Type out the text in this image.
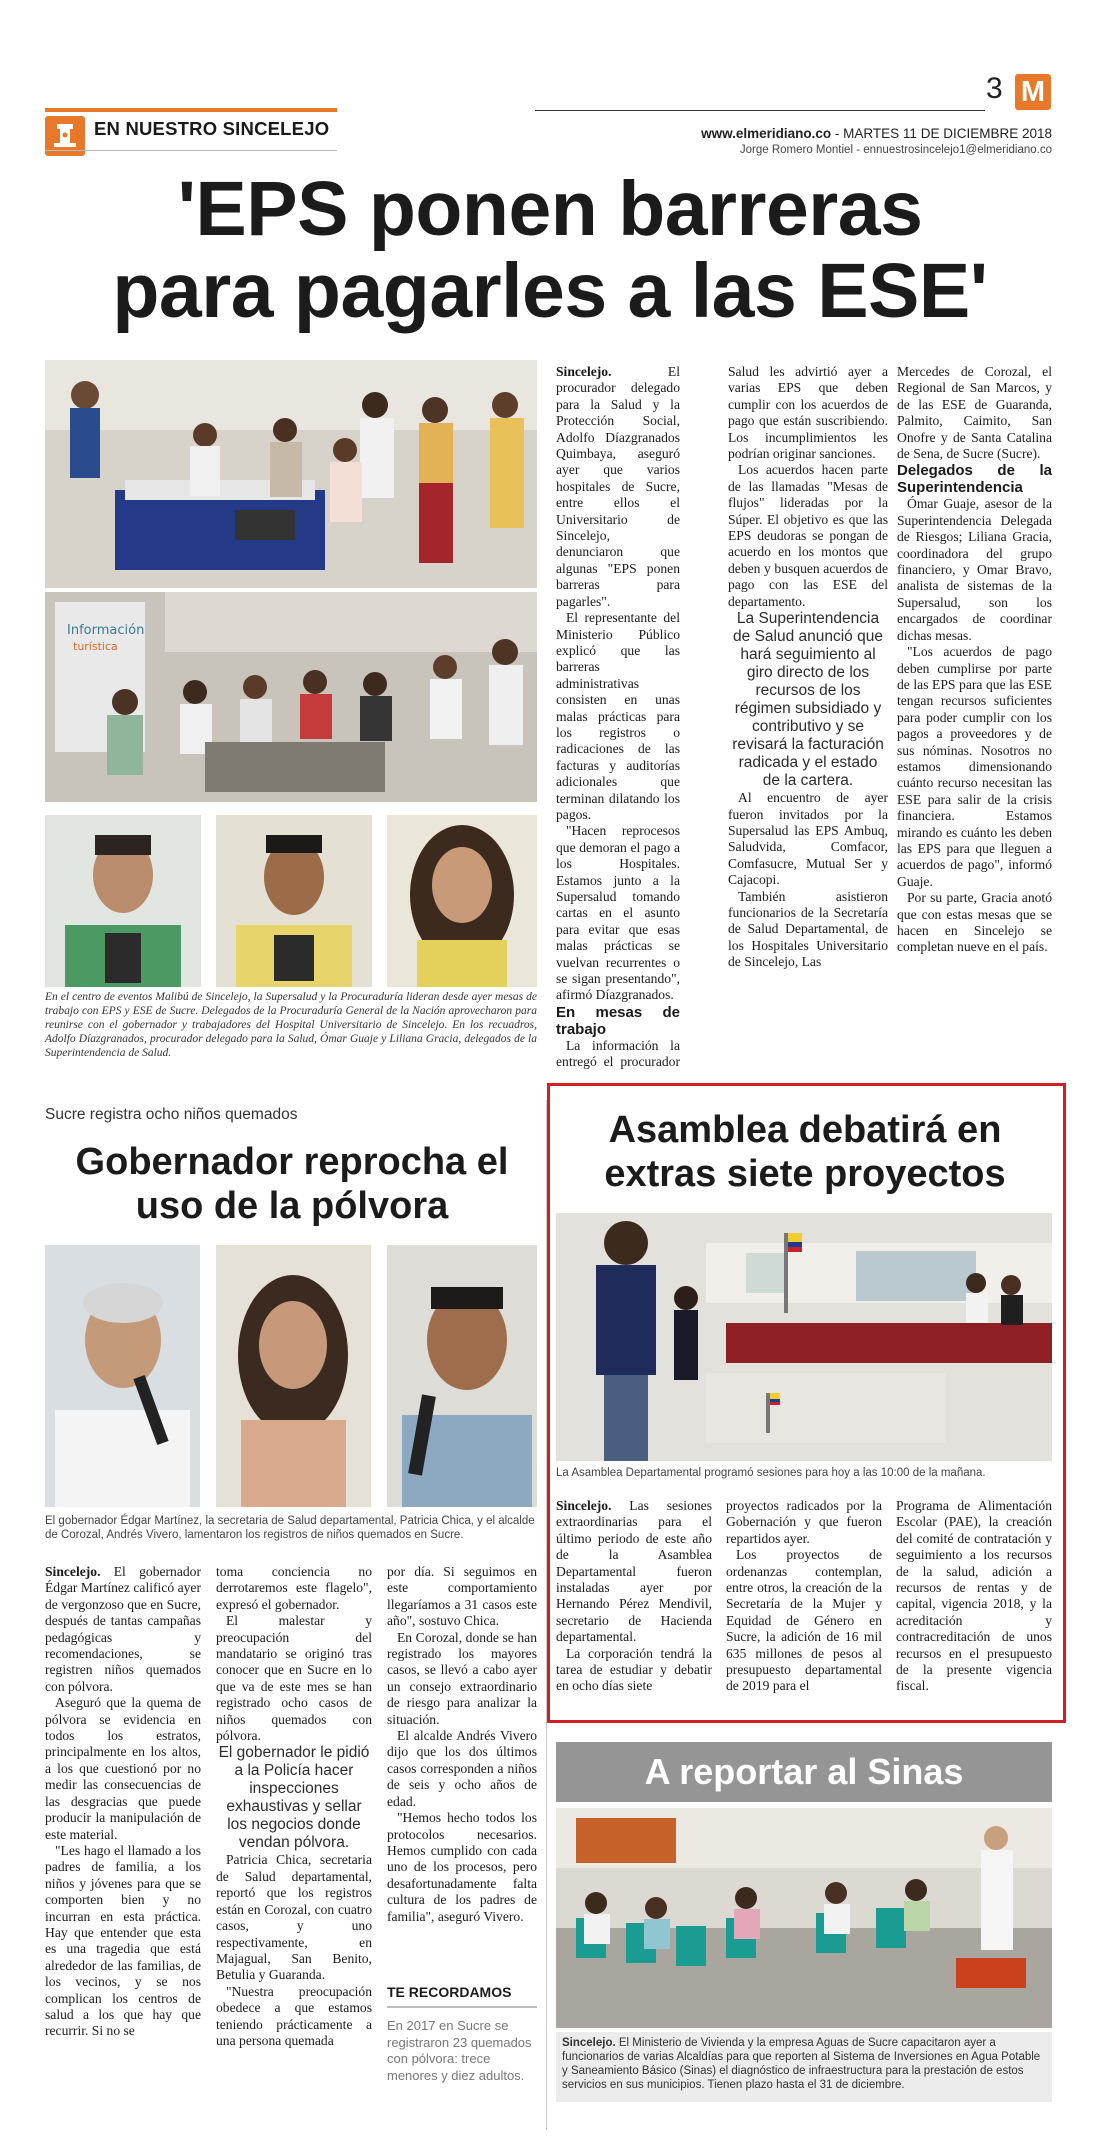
EN NUESTRO SINCELEJO
3 M
www.elmeridiano.co - MARTES 11 DE DICIEMBRE 2018
Jorge Romero Montiel - ennuestrosincelejo1@elmeridiano.co
'EPS ponen barreras
para pagarles a las ESE'
Información
turística
En el centro de eventos Malibú de Sincelejo, la Supersalud y la Procuraduría lideran desde ayer mesas de trabajo con EPS y ESE de Sucre. Delegados de la Procuraduría General de la Nación aprovecharon para reunirse con el gobernador y trabajadores del Hospital Universitario de Sincelejo. En los recuadros, Adolfo Díazgranados, procurador delegado para la Salud, Ómar Guaje y Liliana Gracia, delegados de la Superintendencia de Salud.

Sincelejo. El procurador delegado para la Salud y la Protección Social, Adolfo Díazgranados Quimbaya, aseguró ayer que varios hospitales de Sucre, entre ellos el Universitario de Sincelejo, denunciaron que algunas "EPS ponen barreras para pagarles".

El representante del Ministerio Público explicó que las barreras administrativas consisten en unas malas prácticas para los registros o radicaciones de las facturas y auditorías adicionales que terminan dilatando los pagos.

"Hacen reprocesos que demoran el pago a los Hospitales. Estamos junto a la Supersalud tomando cartas en el asunto para evitar que esas malas prácticas se vuelvan recurrentes o se sigan presentando", afirmó Díazgranados.

En mesas de trabajo

La información la entregó el procurador

Salud les advirtió ayer a varias EPS que deben cumplir con los acuerdos de pago que están suscribiendo. Los incumplimientos les podrían originar sanciones.

Los acuerdos hacen parte de las llamadas "Mesas de flujos" lideradas por la Súper. El objetivo es que las EPS deudoras se pongan de acuerdo en los montos que deben y busquen acuerdos de pago con las ESE del departamento.

La Superintendencia de Salud anunció que hará seguimiento al giro directo de los recursos de los régimen subsidiado y contributivo y se revisará la facturación radicada y el estado de la cartera.

Al encuentro de ayer fueron invitados por la Supersalud las EPS Ambuq, Saludvida, Comfacor, Comfasucre, Mutual Ser y Cajacopi.

También asistieron funcionarios de la Secretaría de Salud Departamental, de los Hospitales Universitario de Sincelejo, Las

Mercedes de Corozal, el Regional de San Marcos, y de las ESE de Guaranda, Palmito, Caimito, San Onofre y de Santa Catalina de Sena, de Sucre (Sucre).

Delegados de la Superintendencia

Ómar Guaje, asesor de la Superintendencia Delegada de Riesgos; Liliana Gracia, coordinadora del grupo financiero, y Omar Bravo, analista de sistemas de la Supersalud, son los encargados de coordinar dichas mesas.

"Los acuerdos de pago deben cumplirse por parte de las EPS para que las ESE tengan recursos suficientes para poder cumplir con los pagos a proveedores y de sus nóminas. Nosotros no estamos dimensionando cuánto recurso necesitan las ESE para salir de la crisis financiera. Estamos mirando es cuánto les deben las EPS para que lleguen a acuerdos de pago", informó Guaje.

Por su parte, Gracia anotó que con estas mesas que se hacen en Sincelejo se completan nueve en el país.

Sucre registra ocho niños quemados
Gobernador reprocha el
uso de la pólvora
El gobernador Édgar Martínez, la secretaria de Salud departamental, Patricia Chica, y el alcalde de Corozal, Andrés Vivero, lamentaron los registros de niños quemados en Sucre.

Sincelejo. El gobernador Édgar Martínez calificó ayer de vergonzoso que en Sucre, después de tantas campañas pedagógicas y recomendaciones, se registren niños quemados con pólvora.

Aseguró que la quema de pólvora se evidencia en todos los estratos, principalmente en los altos, a los que cuestionó por no medir las consecuencias de las desgracias que puede producir la manipulación de este material.

"Les hago el llamado a los padres de familia, a los niños y jóvenes para que se comporten bien y no incurran en esta práctica. Hay que entender que esta es una tragedia que está alrededor de las familias, de los vecinos, y se nos complican los centros de salud a los que hay que recurrir. Si no se

toma conciencia no derrotaremos este flagelo", expresó el gobernador.

El malestar y preocupación del mandatario se originó tras conocer que en Sucre en lo que va de este mes se han registrado ocho casos de niños quemados con pólvora.

El gobernador le pidió a la Policía hacer inspecciones exhaustivas y sellar los negocios donde vendan pólvora.

Patricia Chica, secretaria de Salud departamental, reportó que los registros están en Corozal, con cuatro casos, y uno respectivamente, en Majagual, San Benito, Betulia y Guaranda.

"Nuestra preocupación obedece a que estamos teniendo prácticamente a una persona quemada

por día. Si seguimos en este comportamiento llegaríamos a 31 casos este año", sostuvo Chica.

En Corozal, donde se han registrado los mayores casos, se llevó a cabo ayer un consejo extraordinario de riesgo para analizar la situación.

El alcalde Andrés Vivero dijo que los dos últimos casos corresponden a niños de seis y ocho años de edad.

"Hemos hecho todos los protocolos necesarios. Hemos cumplido con cada uno de los procesos, pero desafortunadamente falta cultura de los padres de familia", aseguró Vivero.

TE RECORDAMOS
En 2017 en Sucre se registraron 23 quemados con pólvora: trece menores y diez adultos.
Asamblea debatirá en
extras siete proyectos
La Asamblea Departamental programó sesiones para hoy a las 10:00 de la mañana.

Sincelejo. Las sesiones extraordinarias para el último periodo de este año de la Asamblea Departamental fueron instaladas ayer por Hernando Pérez Mendivil, secretario de Hacienda departamental.

La corporación tendrá la tarea de estudiar y debatir en ocho días siete

proyectos radicados por la Gobernación y que fueron repartidos ayer.

Los proyectos de ordenanzas contemplan, entre otros, la creación de la Secretaría de la Mujer y Equidad de Género en Sucre, la adición de 16 mil 635 millones de pesos al presupuesto departamental de 2019 para el

Programa de Alimentación Escolar (PAE), la creación del comité de contratación y seguimiento a los recursos de la salud, adición a recursos de rentas y de capital, vigencia 2018, y la acreditación y contracreditación de unos recursos en el presupuesto de la presente vigencia fiscal.

A reportar al Sinas
Sincelejo. El Ministerio de Vivienda y la empresa Aguas de Sucre capacitaron ayer a funcionarios de varias Alcaldías para que reporten al Sistema de Inversiones en Agua Potable y Saneamiento Básico (Sinas) el diagnóstico de infraestructura para la prestación de estos servicios en sus municipios. Tienen plazo hasta el 31 de diciembre.
